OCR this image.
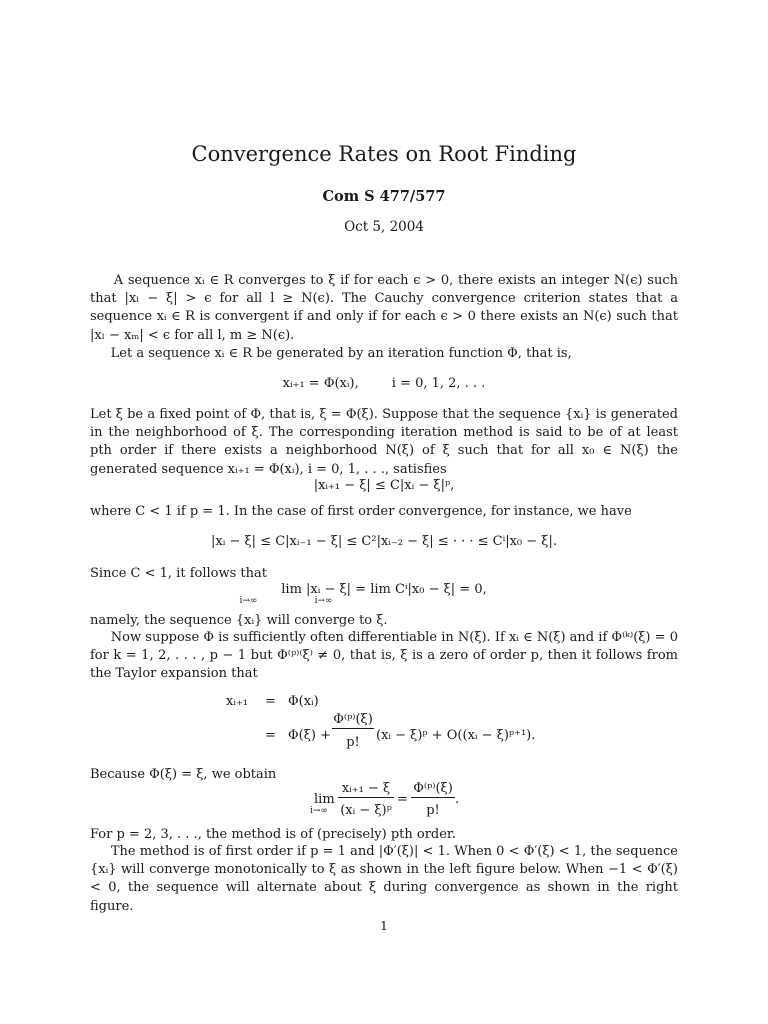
Convergence Rates on Root Finding
Com S 477/577
Oct 5, 2004
A sequence xᵢ ∈ R converges to ξ if for each ϵ > 0, there exists an integer N(ϵ) such that |xₗ − ξ| > ϵ for all l ≥ N(ϵ). The Cauchy convergence criterion states that a sequence xᵢ ∈ R is convergent if and only if for each ϵ > 0 there exists an N(ϵ) such that |xₗ − xₘ| < ϵ for all l, m ≥ N(ϵ).
Let a sequence xᵢ ∈ R be generated by an iteration function Φ, that is,
xᵢ₊₁ = Φ(xᵢ),        i = 0, 1, 2, . . .
Let ξ be a fixed point of Φ, that is, ξ = Φ(ξ). Suppose that the sequence {xᵢ} is generated in the neighborhood of ξ. The corresponding iteration method is said to be of at least pth order if there exists a neighborhood N(ξ) of ξ such that for all x₀ ∈ N(ξ) the generated sequence xᵢ₊₁ = Φ(xᵢ), i = 0, 1, . . ., satisfies
|xᵢ₊₁ − ξ| ≤ C|xᵢ − ξ|ᵖ,
where C < 1 if p = 1. In the case of first order convergence, for instance, we have
|xᵢ − ξ| ≤ C|xᵢ₋₁ − ξ| ≤ C²|xᵢ₋₂ − ξ| ≤ · · · ≤ Cⁱ|x₀ − ξ|.
Since C < 1, it follows that
lim |xᵢ − ξ| = lim Cⁱ|x₀ − ξ| = 0,
i→∞                    i→∞
namely, the sequence {xᵢ} will converge to ξ.
Now suppose Φ is sufficiently often differentiable in N(ξ). If xᵢ ∈ N(ξ) and if Φ⁽ᵏ⁾(ξ) = 0 for k = 1, 2, . . . , p − 1 but Φ⁽ᵖ⁾⁽ξ⁾ ≠ 0, that is, ξ is a zero of order p, then it follows from the Taylor expansion that
xᵢ₊₁ = Φ(xᵢ)
= Φ(ξ) +
Φ⁽ᵖ⁾(ξ)
p!	(xᵢ − ξ)ᵖ + O((xᵢ − ξ)ᵖ⁺¹).
Because Φ(ξ) = ξ, we obtain
lim
i→∞
xᵢ₊₁ − ξ
(xᵢ − ξ)ᵖ
=
Φ⁽ᵖ⁾(ξ)
p!
.
For p = 2, 3, . . ., the method is of (precisely) pth order.
The method is of first order if p = 1 and |Φ′(ξ)| < 1. When 0 < Φ′(ξ) < 1, the sequence {xᵢ} will converge monotonically to ξ as shown in the left figure below. When −1 < Φ′(ξ) < 0, the sequence will alternate about ξ during convergence as shown in the right figure.
1
